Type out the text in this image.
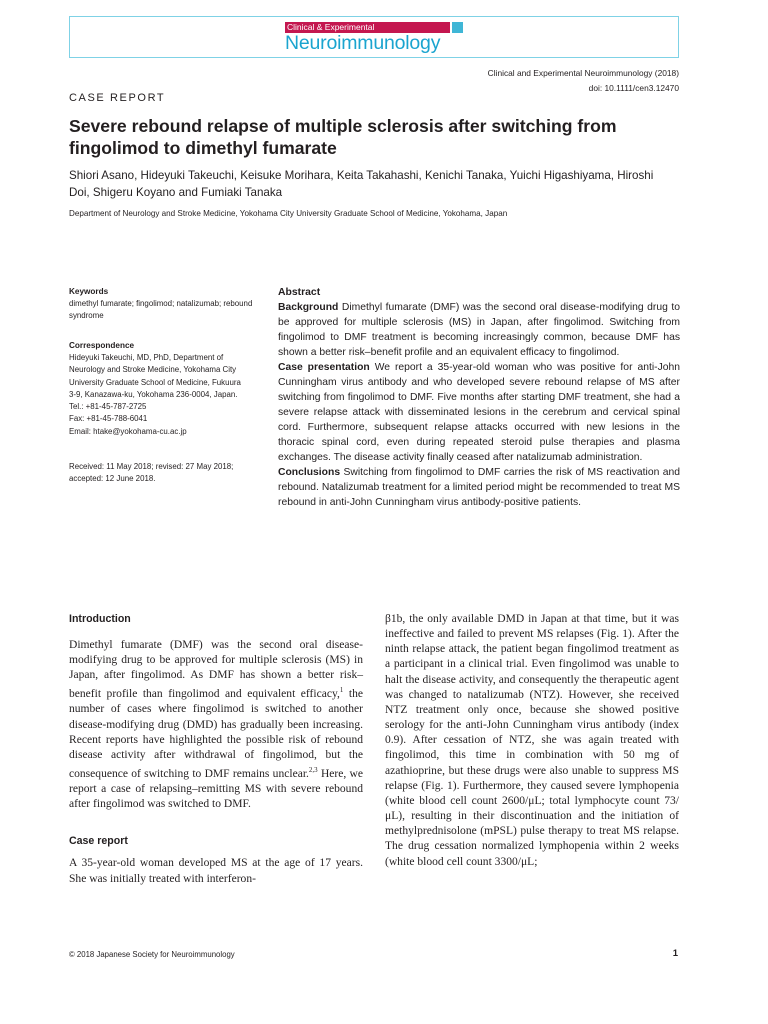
Clinical & Experimental
Neuroimmunology
Clinical and Experimental Neuroimmunology (2018)
doi: 10.1111/cen3.12470
CASE REPORT
Severe rebound relapse of multiple sclerosis after switching from fingolimod to dimethyl fumarate
Shiori Asano, Hideyuki Takeuchi, Keisuke Morihara, Keita Takahashi, Kenichi Tanaka, Yuichi Higashiyama, Hiroshi Doi, Shigeru Koyano and Fumiaki Tanaka
Department of Neurology and Stroke Medicine, Yokohama City University Graduate School of Medicine, Yokohama, Japan
Keywords

dimethyl fumarate; fingolimod; natalizumab; rebound syndrome

Correspondence

Hideyuki Takeuchi, MD, PhD, Department of

Neurology and Stroke Medicine, Yokohama City

University Graduate School of Medicine, Fukuura

3-9, Kanazawa-ku, Yokohama 236-0004, Japan.

Tel.: +81-45-787-2725

Fax: +81-45-788-6041

Email: htake@yokohama-cu.ac.jp

Received: 11 May 2018; revised: 27 May 2018;

accepted: 12 June 2018.

Abstract

Background Dimethyl fumarate (DMF) was the second oral disease-modifying drug to be approved for multiple sclerosis (MS) in Japan, after fingolimod. Switching from fingolimod to DMF treatment is becoming increasingly common, because DMF has shown a better risk–benefit profile and an equivalent efficacy to fingolimod.

Case presentation We report a 35-year-old woman who was positive for anti-John Cunningham virus antibody and who developed severe rebound relapse of MS after switching from fingolimod to DMF. Five months after starting DMF treatment, she had a severe relapse attack with disseminated lesions in the cerebrum and cervical spinal cord. Furthermore, subsequent relapse attacks occurred with new lesions in the thoracic spinal cord, even during repeated steroid pulse therapies and plasma exchanges. The disease activity finally ceased after natalizumab administration.

Conclusions Switching from fingolimod to DMF carries the risk of MS reactivation and rebound. Natalizumab treatment for a limited period might be recommended to treat MS rebound in anti-John Cunningham virus antibody-positive patients.

Introduction

Dimethyl fumarate (DMF) was the second oral disease-modifying drug to be approved for multiple sclerosis (MS) in Japan, after fingolimod. As DMF has shown a better risk–benefit profile than fingolimod and equivalent efficacy,$^1$ the number of cases where fingolimod is switched to another disease-modifying drug (DMD) has gradually been increasing. Recent reports have highlighted the possible risk of rebound disease activity after withdrawal of fingolimod, but the consequence of switching to DMF remains unclear.$^{2,3}$ Here, we report a case of relapsing–remitting MS with severe rebound after fingolimod was switched to DMF.

Case report

A 35-year-old woman developed MS at the age of 17 years. She was initially treated with interferon-

β1b, the only available DMD in Japan at that time, but it was ineffective and failed to prevent MS relapses (Fig. 1). After the ninth relapse attack, the patient began fingolimod treatment as a participant in a clinical trial. Even fingolimod was unable to halt the disease activity, and consequently the therapeutic agent was changed to natalizumab (NTZ). However, she received NTZ treatment only once, because she showed positive serology for the anti-John Cunningham virus antibody (index 0.9). After cessation of NTZ, she was again treated with fingolimod, this time in combination with 50 mg of azathioprine, but these drugs were also unable to suppress MS relapse (Fig. 1). Furthermore, they caused severe lymphopenia (white blood cell count 2600/μL; total lymphocyte count 73/μL), resulting in their discontinuation and the initiation of methylprednisolone (mPSL) pulse therapy to treat MS relapse. The drug cessation normalized lymphopenia within 2 weeks (white blood cell count 3300/μL;

© 2018 Japanese Society for Neuroimmunology	1
